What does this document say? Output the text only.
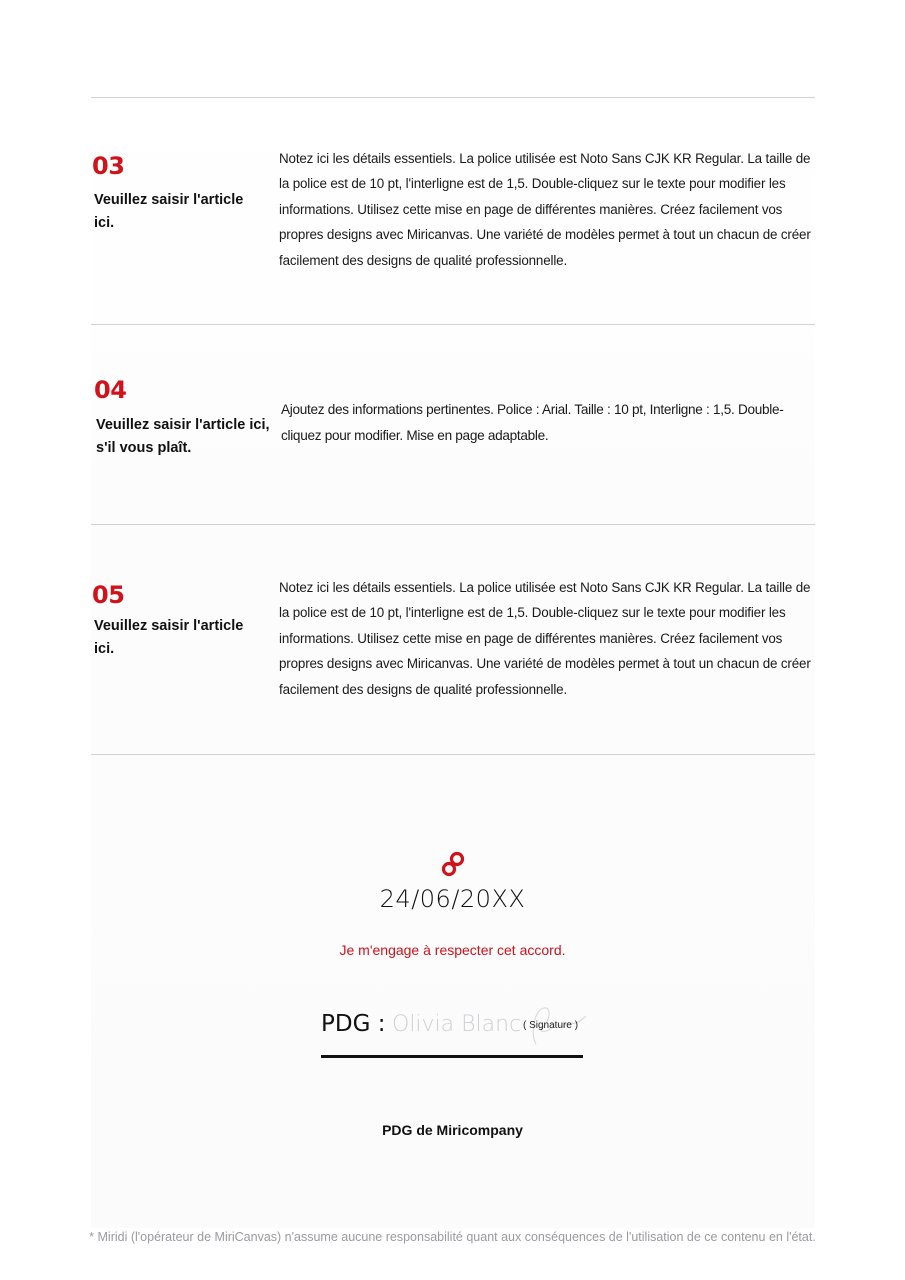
03
Veuillez saisir l'article ici.
Notez ici les détails essentiels. La police utilisée est Noto Sans CJK KR Regular. La taille de la police est de 10 pt, l'interligne est de 1,5. Double-cliquez sur le texte pour modifier les informations. Utilisez cette mise en page de différentes manières. Créez facilement vos propres designs avec Miricanvas. Une variété de modèles permet à tout un chacun de créer facilement des designs de qualité professionnelle.
04
Veuillez saisir l'article ici, s'il vous plaît.
Ajoutez des informations pertinentes. Police : Arial. Taille : 10 pt, Interligne : 1,5. Double-cliquez pour modifier. Mise en page adaptable.
05
Veuillez saisir l'article ici.
Notez ici les détails essentiels. La police utilisée est Noto Sans CJK KR Regular. La taille de la police est de 10 pt, l'interligne est de 1,5. Double-cliquez sur le texte pour modifier les informations. Utilisez cette mise en page de différentes manières. Créez facilement vos propres designs avec Miricanvas. Une variété de modèles permet à tout un chacun de créer facilement des designs de qualité professionnelle.
24/06/20XX
Je m'engage à respecter cet accord.
PDG : Olivia Blanc ( Signature )
PDG de Miricompany
* Miridi (l'opérateur de MiriCanvas) n'assume aucune responsabilité quant aux conséquences de l'utilisation de ce contenu en l'état.
